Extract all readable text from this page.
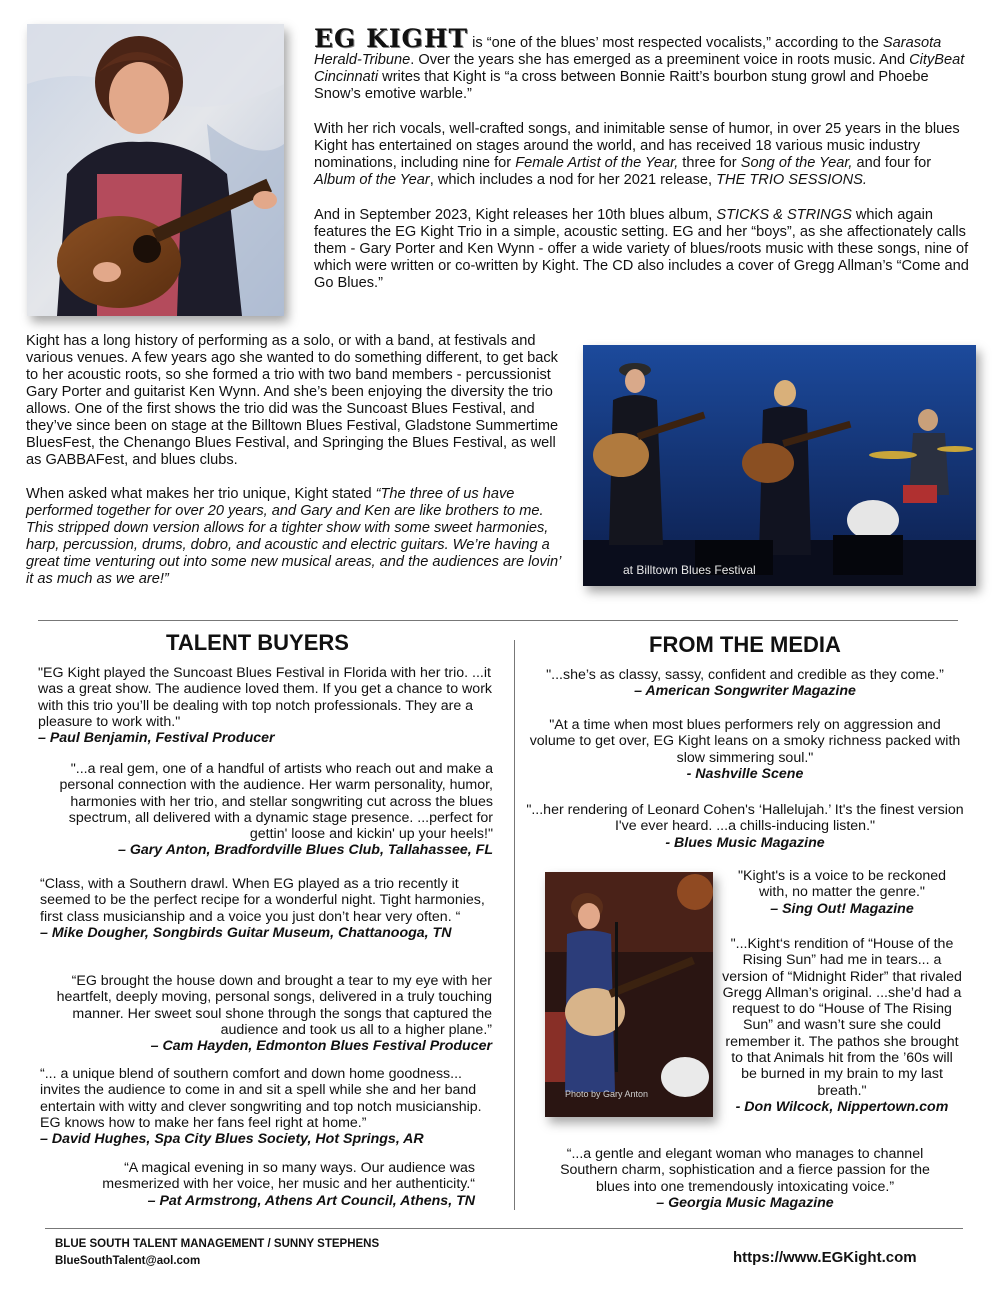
EG KIGHT is “one of the blues’ most respected vocalists,” according to the Sarasota Herald-Tribune. Over the years she has emerged as a preeminent voice in roots music. And CityBeat Cincinnati writes that Kight is “a cross between Bonnie Raitt’s bourbon stung growl and Phoebe Snow’s emotive warble.”

With her rich vocals, well-crafted songs, and inimitable sense of humor, in over 25 years in the blues Kight has entertained on stages around the world, and has received 18 various music industry nominations, including nine for Female Artist of the Year, three for Song of the Year, and four for Album of the Year, which includes a nod for her 2021 release, THE TRIO SESSIONS.

And in September 2023, Kight releases her 10th blues album, STICKS & STRINGS which again features the EG Kight Trio in a simple, acoustic setting. EG and her “boys”, as she affectionately calls them - Gary Porter and Ken Wynn - offer a wide variety of blues/roots music with these songs, nine of which were written or co-written by Kight. The CD also includes a cover of Gregg Allman’s “Come and Go Blues.”

Kight has a long history of performing as a solo, or with a band, at festivals and various venues. A few years ago she wanted to do something different, to get back to her acoustic roots, so she formed a trio with two band members - percussionist Gary Porter and guitarist Ken Wynn. And she’s been enjoying the diversity the trio allows. One of the first shows the trio did was the Suncoast Blues Festival, and they’ve since been on stage at the Billtown Blues Festival, Gladstone Summertime BluesFest, the Chenango Blues Festival, and Springing the Blues Festival, as well as GABBAFest, and blues clubs.

When asked what makes her trio unique, Kight stated “The three of us have performed together for over 20 years, and Gary and Ken are like brothers to me. This stripped down version allows for a tighter show with some sweet harmonies, harp, percussion, drums, dobro, and acoustic and electric guitars. We’re having a great time venturing out into some new musical areas, and the audiences are lovin’ it as much as we are!”

at Billtown Blues Festival
TALENT BUYERS

"EG Kight played the Suncoast Blues Festival in Florida with her trio. ...it was a great show. The audience loved them. If you get a chance to work with this trio you’ll be dealing with top notch professionals. They are a pleasure to work with."

– Paul Benjamin, Festival Producer

"...a real gem, one of a handful of artists who reach out and make a personal connection with the audience. Her warm personality, humor, harmonies with her trio, and stellar songwriting cut across the blues spectrum, all delivered with a dynamic stage presence. ...perfect for gettin' loose and kickin' up your heels!"

– Gary Anton, Bradfordville Blues Club, Tallahassee, FL

“Class, with a Southern drawl. When EG played as a trio recently it seemed to be the perfect recipe for a wonderful night. Tight harmonies, first class musicianship and a voice you just don’t hear very often. “

– Mike Dougher, Songbirds Guitar Museum, Chattanooga, TN

“EG brought the house down and brought a tear to my eye with her heartfelt, deeply moving, personal songs, delivered in a truly touching manner. Her sweet soul shone through the songs that captured the audience and took us all to a higher plane.”

– Cam Hayden, Edmonton Blues Festival Producer

“... a unique blend of southern comfort and down home goodness... invites the audience to come in and sit a spell while she and her band entertain with witty and clever songwriting and top notch musicianship. EG knows how to make her fans feel right at home.”

– David Hughes, Spa City Blues Society, Hot Springs, AR

“A magical evening in so many ways. Our audience was mesmerized with her voice, her music and her authenticity.“

– Pat Armstrong, Athens Art Council, Athens, TN

FROM THE MEDIA

"...she’s as classy, sassy, confident and credible as they come.”

– American Songwriter Magazine

"At a time when most blues performers rely on aggression and volume to get over, EG Kight leans on a smoky richness packed with slow simmering soul."

- Nashville Scene

"...her rendering of Leonard Cohen's ‘Hallelujah.’ It's the finest version I've ever heard. ...a chills-inducing listen."

- Blues Music Magazine

Photo by Gary Anton

"Kight's is a voice to be reckoned with, no matter the genre."

– Sing Out! Magazine

"...Kight‘s rendition of “House of the Rising Sun” had me in tears... a version of “Midnight Rider” that rivaled Gregg Allman’s original. ...she’d had a request to do “House of The Rising Sun” and wasn’t sure she could remember it. The pathos she brought to that Animals hit from the ’60s will be burned in my brain to my last breath."

- Don Wilcock, Nippertown.com

“...a gentle and elegant woman who manages to channel Southern charm, sophistication and a fierce passion for the blues into one tremendously intoxicating voice.”

– Georgia Music Magazine

BLUE SOUTH TALENT MANAGEMENT / SUNNY STEPHENS
BlueSouthTalent@aol.com	https://www.EGKight.com
